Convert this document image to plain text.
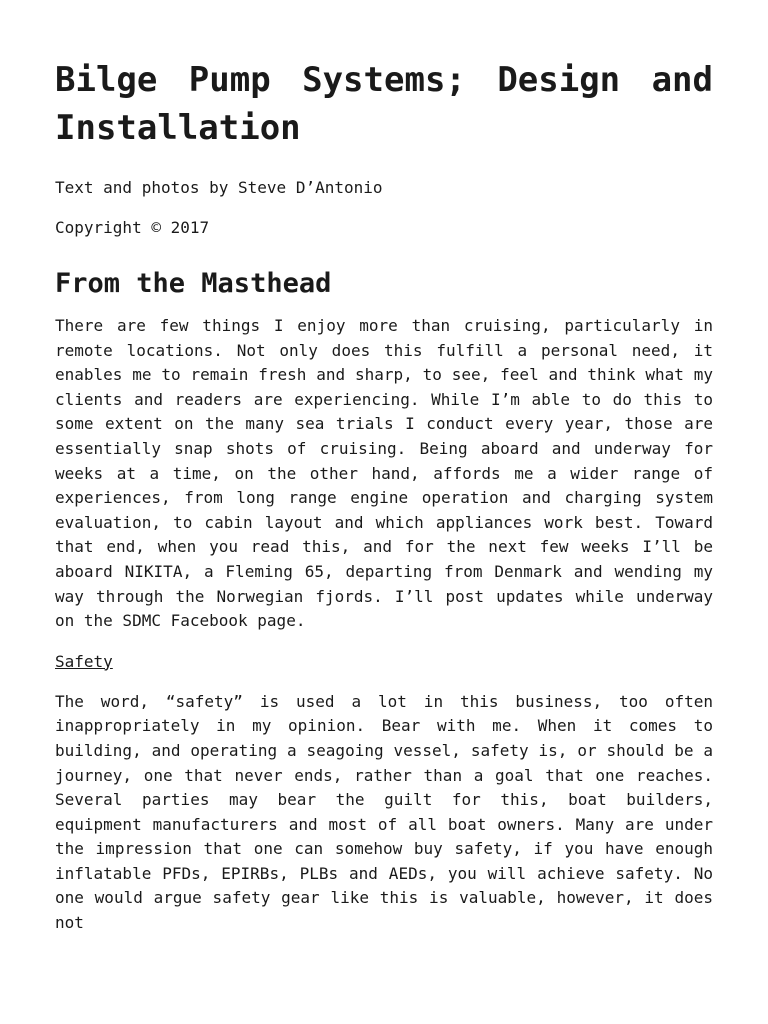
Bilge Pump Systems; Design and Installation

Text and photos by Steve D’Antonio

Copyright © 2017

From the Masthead

There are few things I enjoy more than cruising, particularly in remote locations. Not only does this fulfill a personal need, it enables me to remain fresh and sharp, to see, feel and think what my clients and readers are experiencing. While I’m able to do this to some extent on the many sea trials I conduct every year, those are essentially snap shots of cruising. Being aboard and underway for weeks at a time, on the other hand, affords me a wider range of experiences, from long range engine operation and charging system evaluation, to cabin layout and which appliances work best. Toward that end, when you read this, and for the next few weeks I’ll be aboard NIKITA, a Fleming 65, departing from Denmark and wending my way through the Norwegian fjords. I’ll post updates while underway on the SDMC Facebook page.

Safety

The word, “safety” is used a lot in this business, too often inappropriately in my opinion. Bear with me. When it comes to building, and operating a seagoing vessel, safety is, or should be a journey, one that never ends, rather than a goal that one reaches. Several parties may bear the guilt for this, boat builders, equipment manufacturers and most of all boat owners. Many are under the impression that one can somehow buy safety, if you have enough inflatable PFDs, EPIRBs, PLBs and AEDs, you will achieve safety. No one would argue safety gear like this is valuable, however, it does not
